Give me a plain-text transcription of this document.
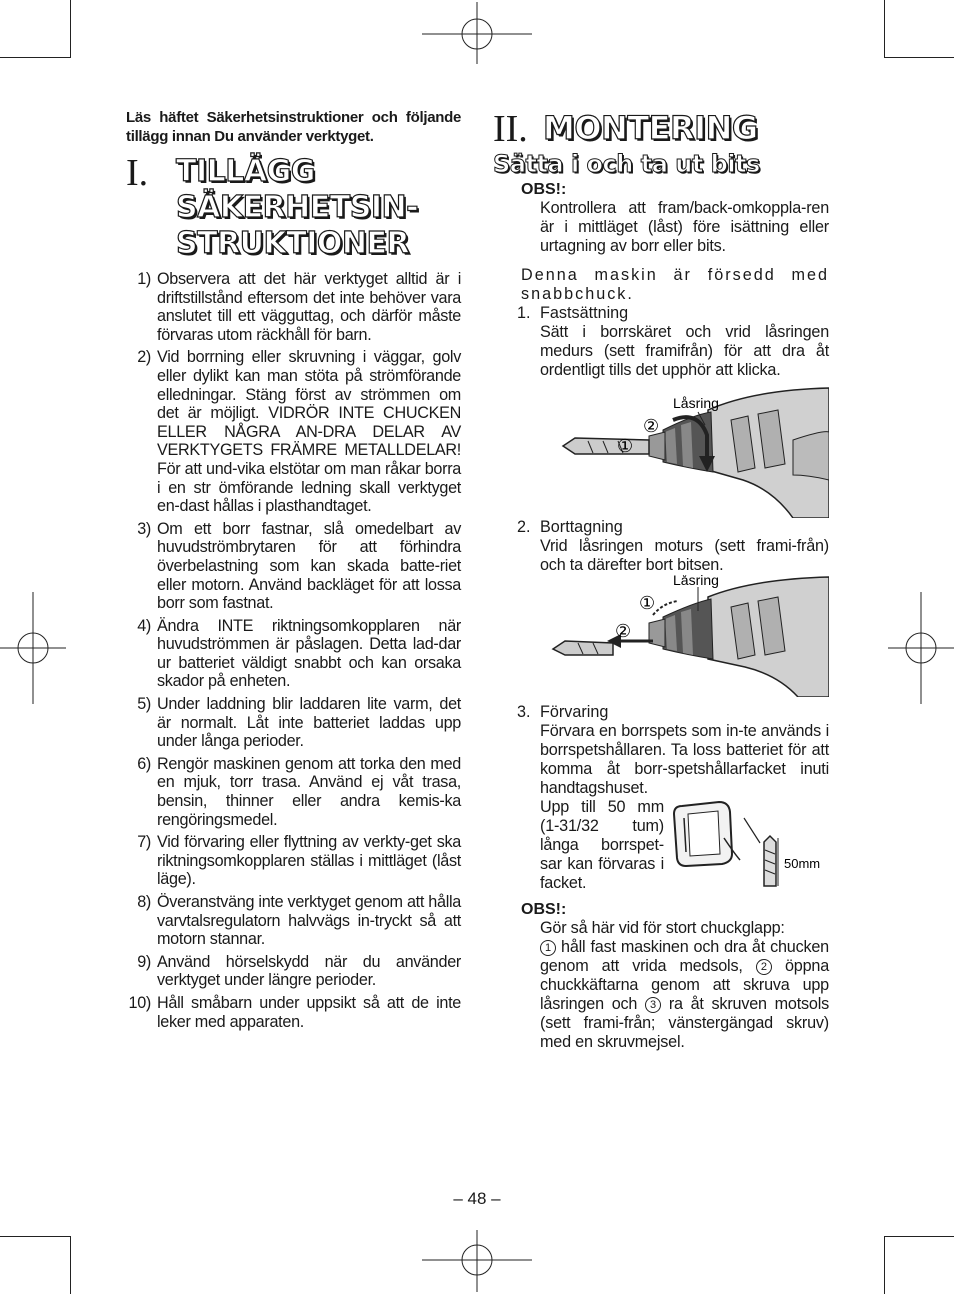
Läs häftet Säkerhetsinstruktioner och följande tillägg innan Du använder verktyget.

I. TILLÄGG
SÄKERHETSIN-
STRUKTIONER
1) Observera att det här verktyget alltid är i driftstillstånd eftersom det inte behöver vara anslutet till ett vägguttag, och därför måste förvaras utom räckhåll för barn.
2) Vid borrning eller skruvning i väggar, golv eller dylikt kan man stöta på strömförande elledningar. Stäng först av strömmen om det är möjligt. VIDRÖR INTE CHUCKEN ELLER NÅGRA AN-DRA DELAR AV VERKTYGETS FRÄMRE METALLDELAR! För att und-vika elstötar om man råkar borra i en str ömförande ledning skall verktyget en-dast hållas i plasthandtaget.
3) Om ett borr fastnar, slå omedelbart av huvudströmbrytaren för att förhindra överbelastning som kan skada batte-riet eller motorn. Använd backläget för att lossa borr som fastnat.
4) Ändra INTE riktningsomkopplaren när huvudströmmen är påslagen. Detta lad-dar ur batteriet väldigt snabbt och kan orsaka skador på enheten.
5) Under laddning blir laddaren lite varm, det är normalt. Låt inte batteriet laddas upp under långa perioder.
6) Rengör maskinen genom att torka den med en mjuk, torr trasa. Använd ej våt trasa, bensin, thinner eller andra kemis-ka rengöringsmedel.
7) Vid förvaring eller flyttning av verkty-get ska riktningsomkopplaren ställas i mittläget (låst läge).
8) Överanstväng inte verktyget genom att hålla varvtalsregulatorn halvvägs in-tryckt så att motorn stannar.
9) Använd hörselskydd när du använder verktyget under längre perioder.
10) Håll småbarn under uppsikt så att de inte leker med apparaten.
II. MONTERING
Sätta i och ta ut bits
OBS!:
Kontrollera att fram/back-omkoppla-ren är i mittläget (låst) före isättning eller urtagning av borr eller bits.
Denna maskin är försedd med snabbchuck.
1. Fastsättning
Sätt i borrskäret och vrid låsringen medurs (sett framifrån) för att dra åt ordentligt tills det upphör att klicka.
Låsring
②
①
2. Borttagning
Vrid låsringen moturs (sett frami-från) och ta därefter bort bitsen.
Låsring
①
②
3. Förvaring
Förvara en borrspets som in-te används i borrspetshållaren. Ta loss batteriet för att komma åt borr-spetshållarfacket inuti handtagshuset.
Upp till 50 mm (1-31/32 tum) långa borrspet-sar kan förvaras i facket.
50mm
OBS!:
Gör så här vid för stort chuckglapp:
1 håll fast maskinen och dra åt chucken genom att vrida medsols, 2 öppna chuckkäftarna genom att skruva upp låsringen och 3 ra åt skruven motsols (sett frami-från; vänstergängad skruv) med en skruvmejsel.
– 48 –
